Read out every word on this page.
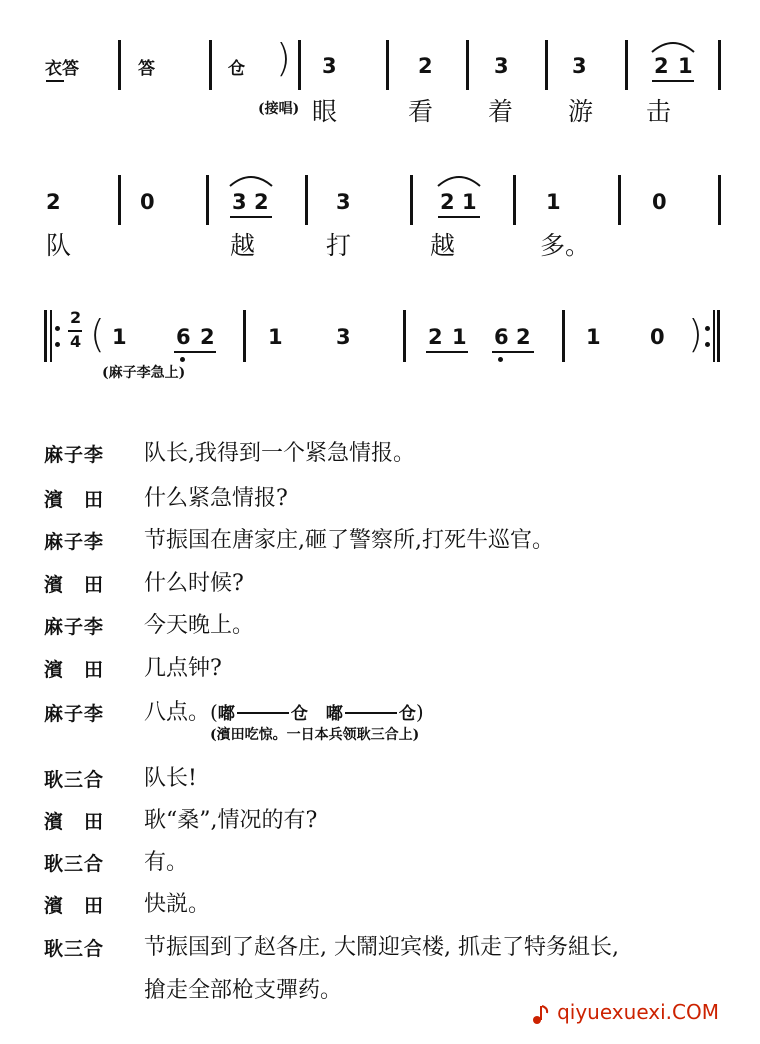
衣答	答	仓 ) 3	2	3	3	2 1
(接唱) 眼	看 着 游 击
2	0	3 2	3	2 1	1	0
队	越	打	越	多。
2
4 ( 1 6 2	1	3	2 1 6 2	1 0 )
(麻子李急上)
麻子李 队长,我得到一个紧急情报。
濱　田 什么紧急情报?
麻子李 节振国在唐家庄,砸了警察所,打死牛巡官。
濱　田 什么时候?
麻子李 今天晚上。
濱　田 几点钟?
麻子李 八点。(嘟	仓 嘟	仓)
(濱田吃惊。一日本兵领耿三合上)
耿三合 队长!
濱　田 耿“桑”,情况的有?
耿三合 有。
濱　田 快説。
耿三合 节振国到了赵各庄, 大鬧迎宾楼, 抓走了特务組长,
搶走全部枪支彈药。
qiyuexuexi.COM
